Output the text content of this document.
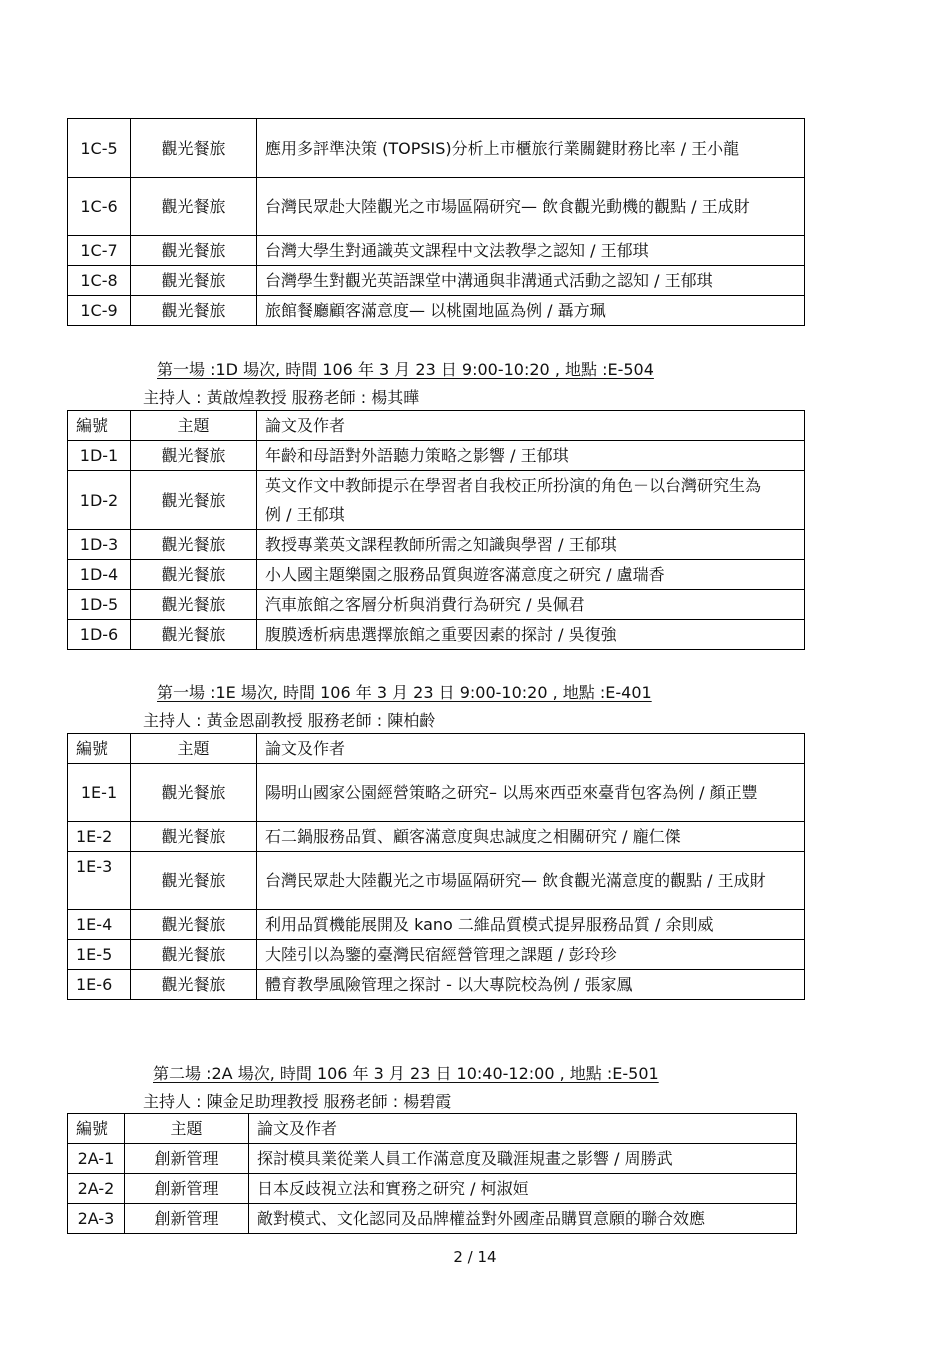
1C-5	觀光餐旅	應用多評準決策 (TOPSIS)分析上市櫃旅行業關鍵財務比率 / 王小龍
1C-6	觀光餐旅	台灣民眾赴大陸觀光之市場區隔研究— 飲食觀光動機的觀點 / 王成財
1C-7	觀光餐旅	台灣大學生對通識英文課程中文法教學之認知 / 王郁琪
1C-8	觀光餐旅	台灣學生對觀光英語課堂中溝通與非溝通式活動之認知 / 王郁琪
1C-9	觀光餐旅	旅館餐廳顧客滿意度— 以桃園地區為例 / 聶方珮
第一場 :1D 場次, 時間 106 年 3 月 23 日 9:00-10:20 , 地點 :E-504
主持人 : 黃啟煌教授 服務老師 : 楊其曄
編號	主題	論文及作者
1D-1	觀光餐旅	年齡和母語對外語聽力策略之影響 / 王郁琪
1D-2	觀光餐旅	英文作文中教師提示在學習者自我校正所扮演的角色－以台灣研究生為例 / 王郁琪
1D-3	觀光餐旅	教授專業英文課程教師所需之知識與學習 / 王郁琪
1D-4	觀光餐旅	小人國主題樂園之服務品質與遊客滿意度之研究 / 盧瑞香
1D-5	觀光餐旅	汽車旅館之客層分析與消費行為研究 / 吳佩君
1D-6	觀光餐旅	腹膜透析病患選擇旅館之重要因素的探討 / 吳復強
第一場 :1E 場次, 時間 106 年 3 月 23 日 9:00-10:20 , 地點 :E-401
主持人 : 黃金恩副教授 服務老師 : 陳柏齡
編號	主題	論文及作者
1E-1	觀光餐旅	陽明山國家公園經營策略之研究– 以馬來西亞來臺背包客為例 / 顏正豐
1E-2	觀光餐旅	石二鍋服務品質、顧客滿意度與忠誠度之相關研究 / 龐仁傑
1E-3	觀光餐旅	台灣民眾赴大陸觀光之市場區隔研究— 飲食觀光滿意度的觀點 / 王成財
1E-4	觀光餐旅	利用品質機能展開及 kano 二維品質模式提昇服務品質 / 余則威
1E-5	觀光餐旅	大陸引以為鑒的臺灣民宿經營管理之課題 / 彭玲珍
1E-6	觀光餐旅	體育教學風險管理之探討 - 以大專院校為例 / 張家鳳
第二場 :2A 場次, 時間 106 年 3 月 23 日 10:40-12:00 , 地點 :E-501
主持人 : 陳金足助理教授 服務老師 : 楊碧霞
編號	主題	論文及作者
2A-1	創新管理	探討模具業從業人員工作滿意度及職涯規畫之影響 / 周勝武
2A-2	創新管理	日本反歧視立法和實務之研究 / 柯淑姮
2A-3	創新管理	敵對模式、文化認同及品牌權益對外國產品購買意願的聯合效應
2 / 14
